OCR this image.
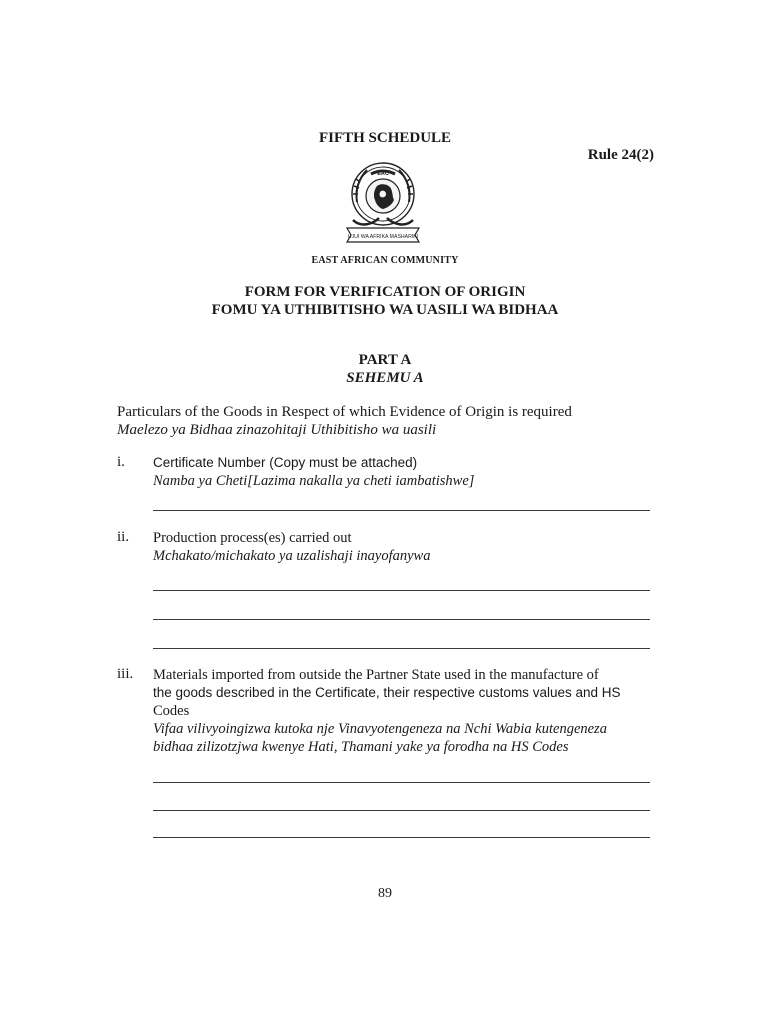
FIFTH SCHEDULE
Rule 24(2)
EAC
UJUI WA AFRIKA MASHARIKI
EAST AFRICAN COMMUNITY
FORM FOR VERIFICATION OF ORIGIN
FOMU YA UTHIBITISHO WA UASILI WA BIDHAA
PART A
SEHEMU A
Particulars of the Goods in Respect of which Evidence of Origin is required
Maelezo ya Bidhaa zinazohitaji Uthibitisho wa uasili
i. Certificate Number (Copy must be attached)
Namba ya Cheti[Lazima nakalla ya cheti iambatishwe]
ii. Production process(es) carried out
Mchakato/michakato ya uzalishaji inayofanywa
iii. Materials imported from outside the Partner State used in the manufacture of
the goods described in the Certificate, their respective customs values and HS
Codes
Vifaa vilivyoingizwa kutoka nje Vinavyotengeneza na Nchi Wabia kutengeneza
bidhaa zilizotzjwa kwenye Hati, Thamani yake ya forodha na HS Codes
89
